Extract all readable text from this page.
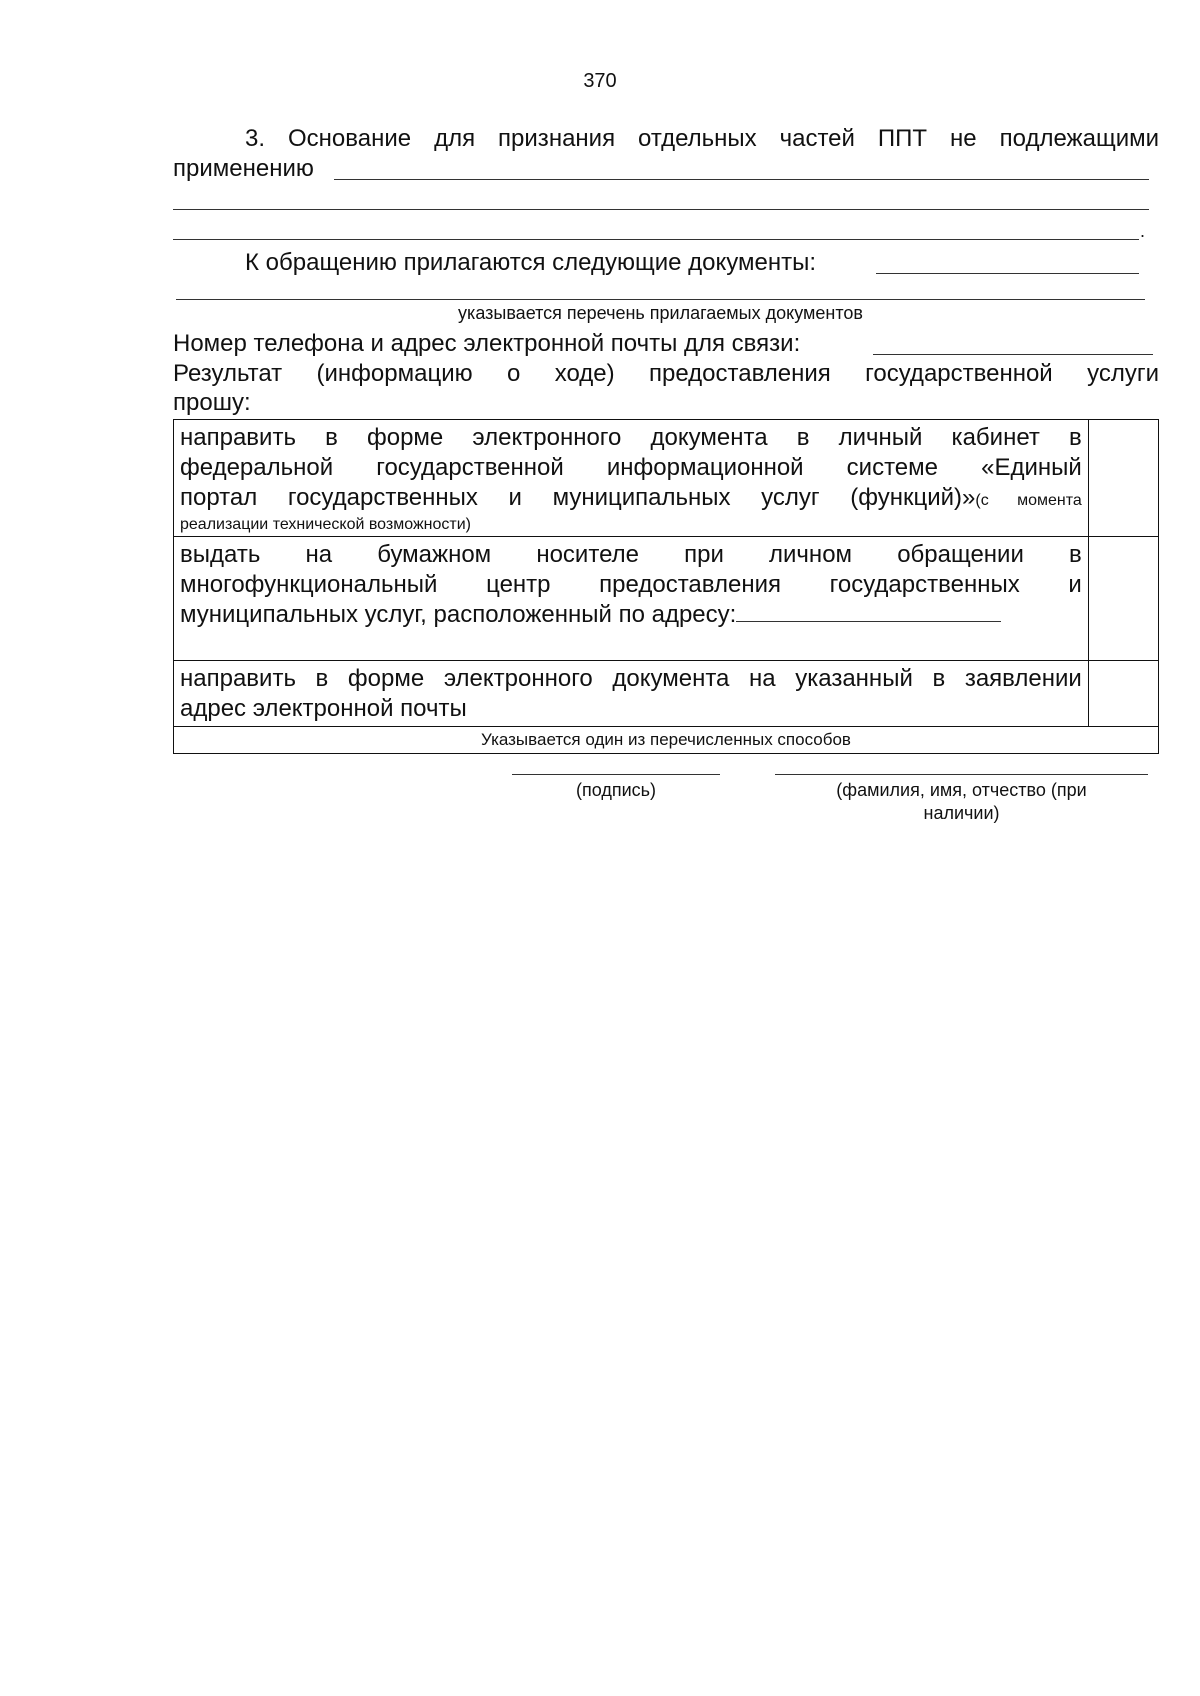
370
3. Основание для признания отдельных частей ППТ не подлежащими
применению
.
К обращению прилагаются следующие документы:
указывается перечень прилагаемых документов
Номер телефона и адрес электронной почты для связи:
Результат (информацию о ходе) предоставления государственной услуги
прошу:
направить в форме электронного документа в личный кабинет в
федеральной государственной информационной системе «Единый
портал государственных и муниципальных услуг (функций)»(с момента
реализации технической возможности)	

выдать на бумажном носителе при личном обращении в
многофункциональный центр предоставления государственных и
муниципальных услуг, расположенный по адресу:	

направить в форме электронного документа на указанный в заявлении
адрес электронной почты	

Указывается один из перечисленных способов	
(подпись)	(фамилия, имя, отчество (при
наличии)
